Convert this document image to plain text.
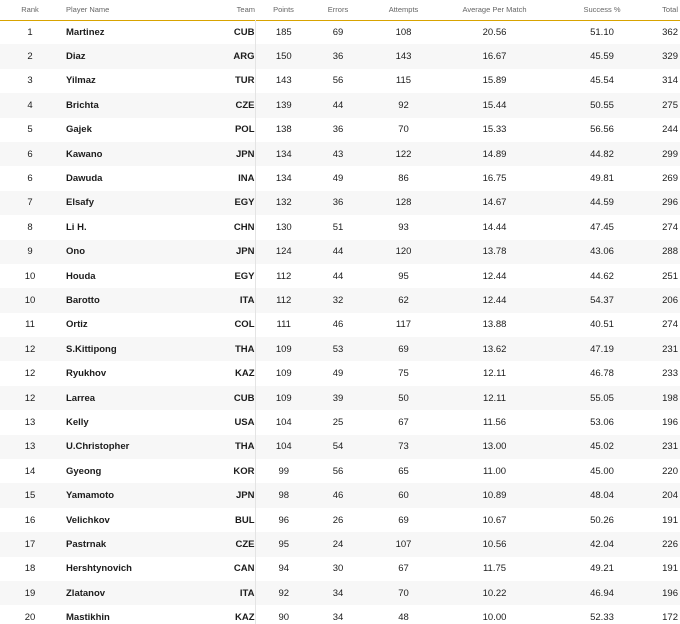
Rank	Player Name	Team	Points	Errors	Attempts	Average Per Match	Success %	Total
1	Martinez	CUB	185	69	108	20.56	51.10	362
2	Diaz	ARG	150	36	143	16.67	45.59	329
3	Yilmaz	TUR	143	56	115	15.89	45.54	314
4	Brichta	CZE	139	44	92	15.44	50.55	275
5	Gajek	POL	138	36	70	15.33	56.56	244
6	Kawano	JPN	134	43	122	14.89	44.82	299
6	Dawuda	INA	134	49	86	16.75	49.81	269
7	Elsafy	EGY	132	36	128	14.67	44.59	296
8	Li H.	CHN	130	51	93	14.44	47.45	274
9	Ono	JPN	124	44	120	13.78	43.06	288
10	Houda	EGY	112	44	95	12.44	44.62	251
10	Barotto	ITA	112	32	62	12.44	54.37	206
11	Ortiz	COL	111	46	117	13.88	40.51	274
12	S.Kittipong	THA	109	53	69	13.62	47.19	231
12	Ryukhov	KAZ	109	49	75	12.11	46.78	233
12	Larrea	CUB	109	39	50	12.11	55.05	198
13	Kelly	USA	104	25	67	11.56	53.06	196
13	U.Christopher	THA	104	54	73	13.00	45.02	231
14	Gyeong	KOR	99	56	65	11.00	45.00	220
15	Yamamoto	JPN	98	46	60	10.89	48.04	204
16	Velichkov	BUL	96	26	69	10.67	50.26	191
17	Pastrnak	CZE	95	24	107	10.56	42.04	226
18	Hershtynovich	CAN	94	30	67	11.75	49.21	191
19	Zlatanov	ITA	92	34	70	10.22	46.94	196
20	Mastikhin	KAZ	90	34	48	10.00	52.33	172
